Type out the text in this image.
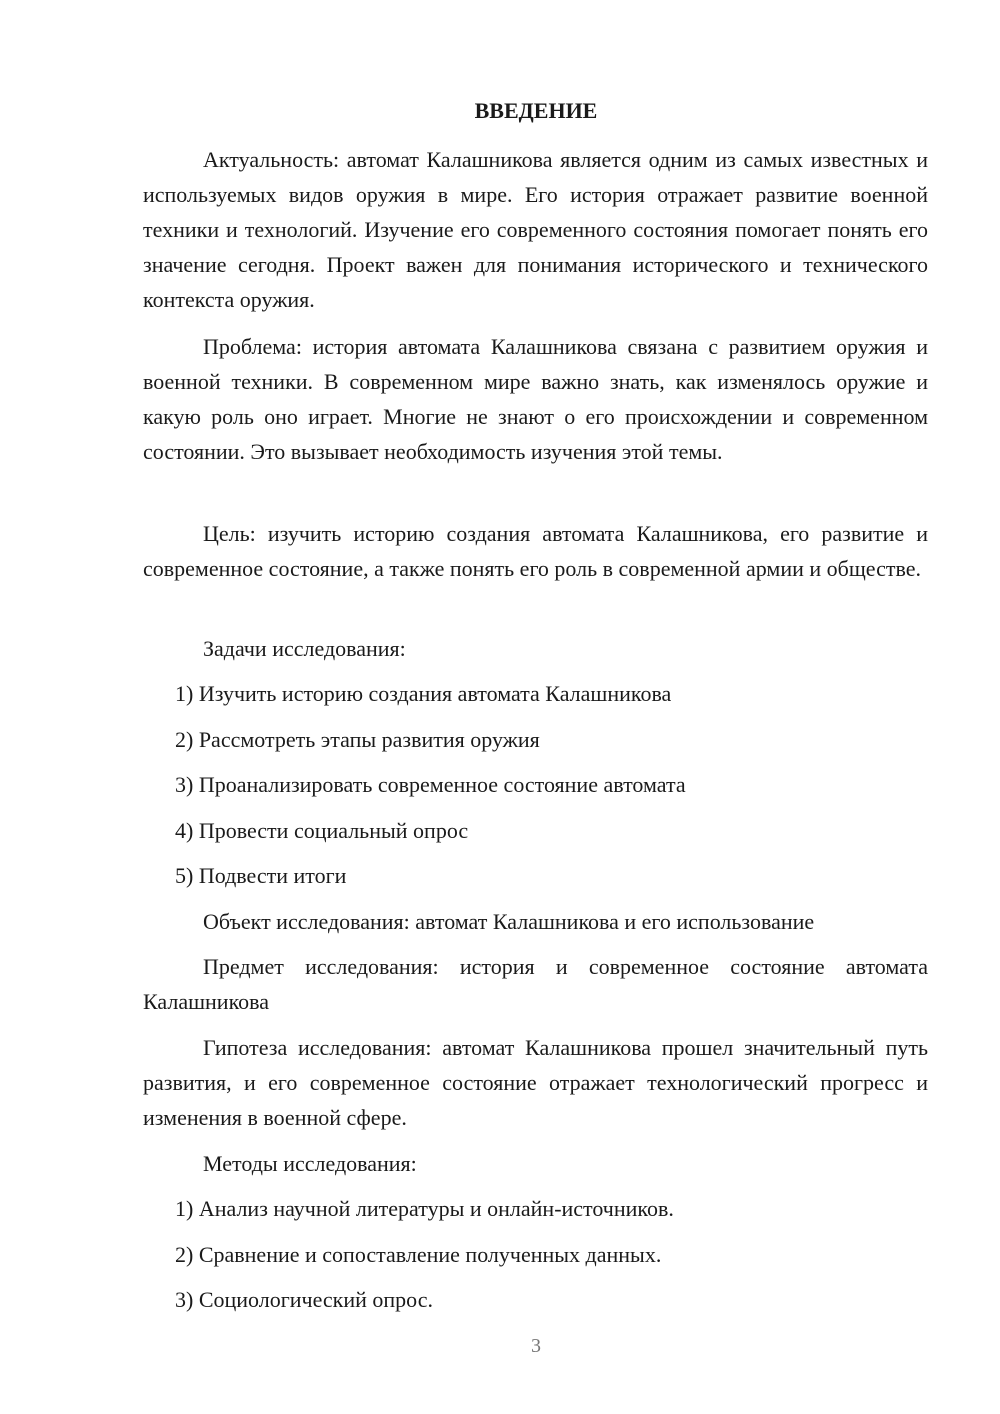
ВВЕДЕНИЕ

Актуальность: автомат Калашникова является одним из самых известных и используемых видов оружия в мире. Его история отражает развитие военной техники и технологий. Изучение его современного состояния помогает понять его значение сегодня. Проект важен для понимания исторического и технического контекста оружия.

Проблема: история автомата Калашникова связана с развитием оружия и военной техники. В современном мире важно знать, как изменялось оружие и какую роль оно играет. Многие не знают о его происхождении и современном состоянии. Это вызывает необходимость изучения этой темы.

Цель: изучить историю создания автомата Калашникова, его развитие и современное состояние, а также понять его роль в современной армии и обществе.

Задачи исследования:

1) Изучить историю создания автомата Калашникова

2) Рассмотреть этапы развития оружия

3) Проанализировать современное состояние автомата

4) Провести социальный опрос

5) Подвести итоги

Объект исследования: автомат Калашникова и его использование

Предмет исследования: история и современное состояние автомата Калашникова

Гипотеза исследования: автомат Калашникова прошел значительный путь развития, и его современное состояние отражает технологический прогресс и изменения в военной сфере.

Методы исследования:

1) Анализ научной литературы и онлайн-источников.

2) Сравнение и сопоставление полученных данных.

3) Социологический опрос.

3
